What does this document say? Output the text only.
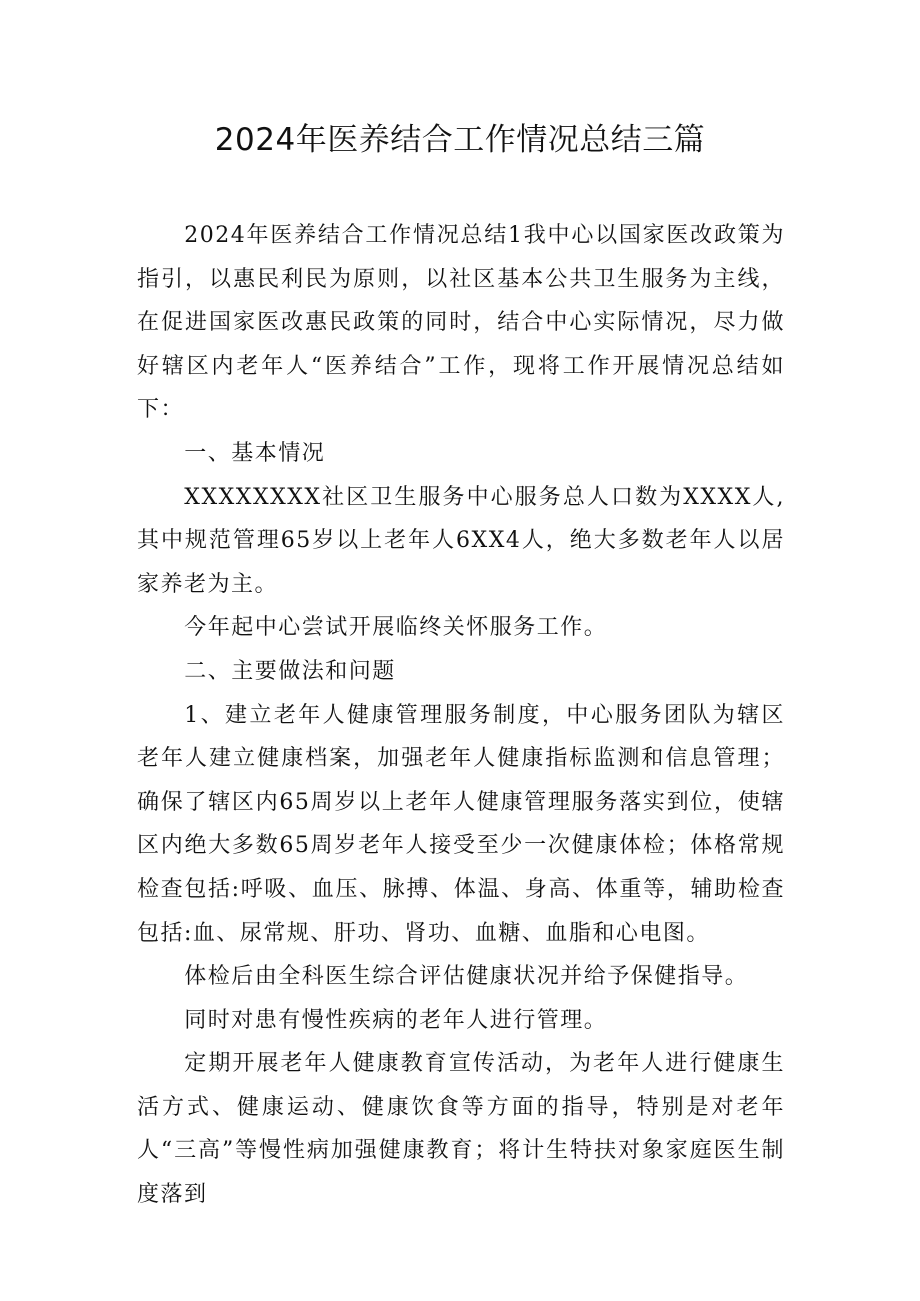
2024年医养结合工作情况总结三篇

2024年医养结合工作情况总结1我中心以国家医改政策为指引，以惠民利民为原则，以社区基本公共卫生服务为主线，在促进国家医改惠民政策的同时，结合中心实际情况，尽力做好辖区内老年人“医养结合”工作，现将工作开展情况总结如下：

一、基本情况

XXXXXXXX社区卫生服务中心服务总人口数为XXXX人,其中规范管理65岁以上老年人6XX4人，绝大多数老年人以居家养老为主。

今年起中心尝试开展临终关怀服务工作。

二、主要做法和问题

1、建立老年人健康管理服务制度，中心服务团队为辖区老年人建立健康档案，加强老年人健康指标监测和信息管理；确保了辖区内65周岁以上老年人健康管理服务落实到位，使辖区内绝大多数65周岁老年人接受至少一次健康体检；体格常规检查包括:呼吸、血压、脉搏、体温、身高、体重等，辅助检查包括:血、尿常规、肝功、肾功、血糖、血脂和心电图。

体检后由全科医生综合评估健康状况并给予保健指导。

同时对患有慢性疾病的老年人进行管理。

定期开展老年人健康教育宣传活动，为老年人进行健康生活方式、健康运动、健康饮食等方面的指导，特别是对老年人“三高”等慢性病加强健康教育；将计生特扶对象家庭医生制度落到
